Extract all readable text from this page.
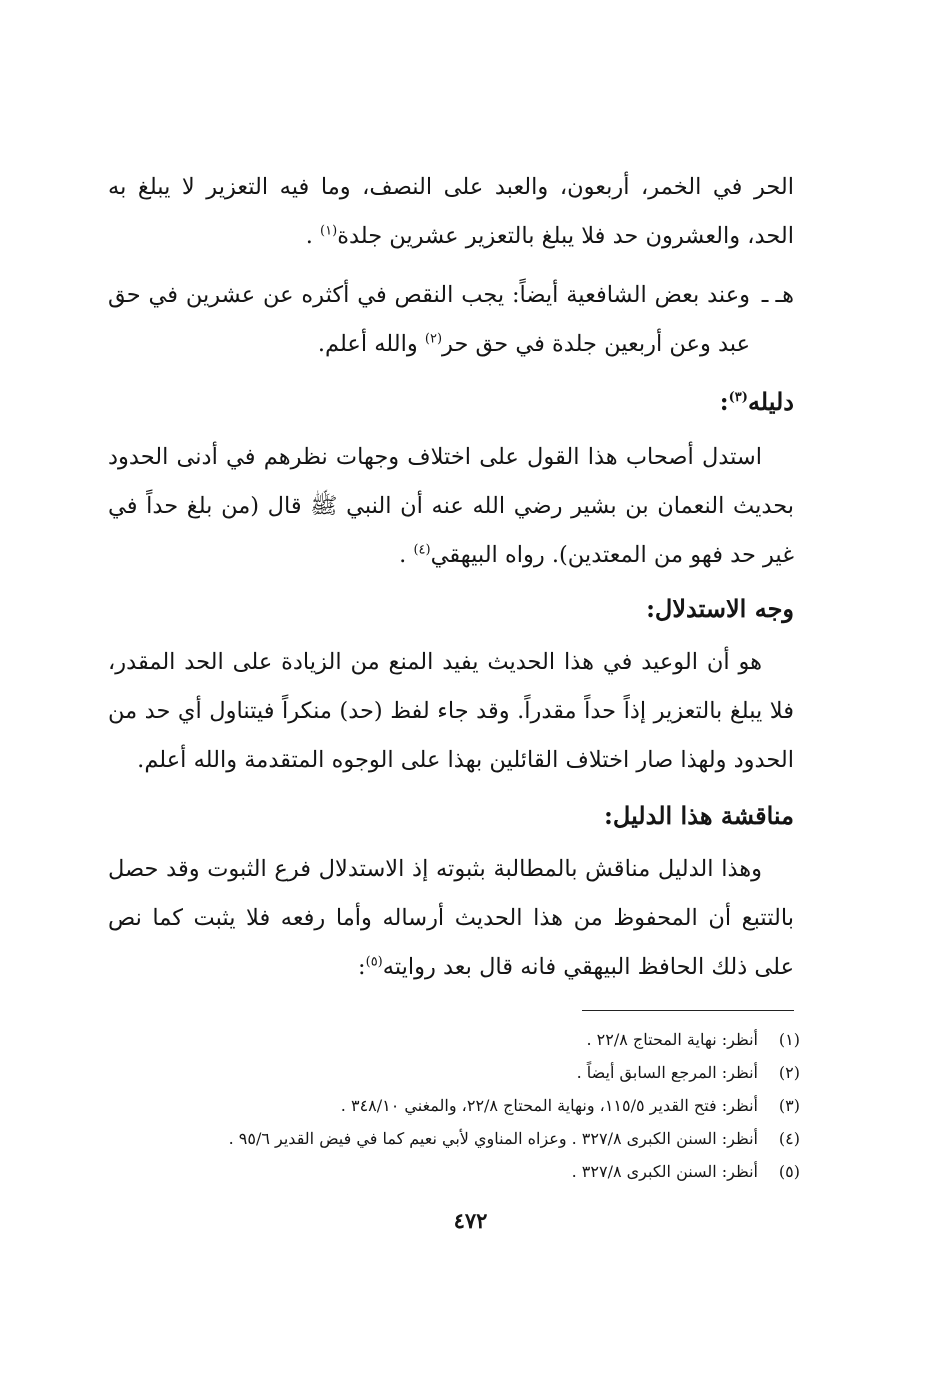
الحر في الخمر، أربعون، والعبد على النصف، وما فيه التعزير لا يبلغ به الحد، والعشرون حد فلا يبلغ بالتعزير عشرين جلدة$^{(١)}$ .

هـ ـ

وعند بعض الشافعية أيضاً: يجب النقص في أكثره عن عشرين في حق عبد وعن أربعين جلدة في حق حر$^{(٢)}$ والله أعلم.

دليله$^{(٣)}$:

استدل أصحاب هذا القول على اختلاف وجهات نظرهم في أدنى الحدود بحديث النعمان بن بشير رضي الله عنه أن النبي ﷺ قال (من بلغ حداً في غير حد فهو من المعتدين). رواه البيهقي$^{(٤)}$ .

وجه الاستدلال:

هو أن الوعيد في هذا الحديث يفيد المنع من الزيادة على الحد المقدر، فلا يبلغ بالتعزير إذاً حداً مقدراً. وقد جاء لفظ (حد) منكراً فيتناول أي حد من الحدود ولهذا صار اختلاف القائلين بهذا على الوجوه المتقدمة والله أعلم.

مناقشة هذا الدليل:

وهذا الدليل مناقش بالمطالبة بثبوته إذ الاستدلال فرع الثبوت وقد حصل بالتتبع أن المحفوظ من هذا الحديث أرساله وأما رفعه فلا يثبت كما نص على ذلك الحافظ البيهقي فانه قال بعد روايته$^{(٥)}$:

(١)
أنظر: نهاية المحتاج ٢٢/٨ .
(٢)
أنظر: المرجع السابق أيضاً .
(٣)
أنظر: فتح القدير ١١٥/٥، ونهاية المحتاج ٢٢/٨، والمغني ٣٤٨/١٠ .
(٤)
أنظر: السنن الكبرى ٣٢٧/٨ . وعزاه المناوي لأبي نعيم كما في فيض القدير ٩٥/٦ .
(٥)
أنظر: السنن الكبرى ٣٢٧/٨ .
٤٧٢
